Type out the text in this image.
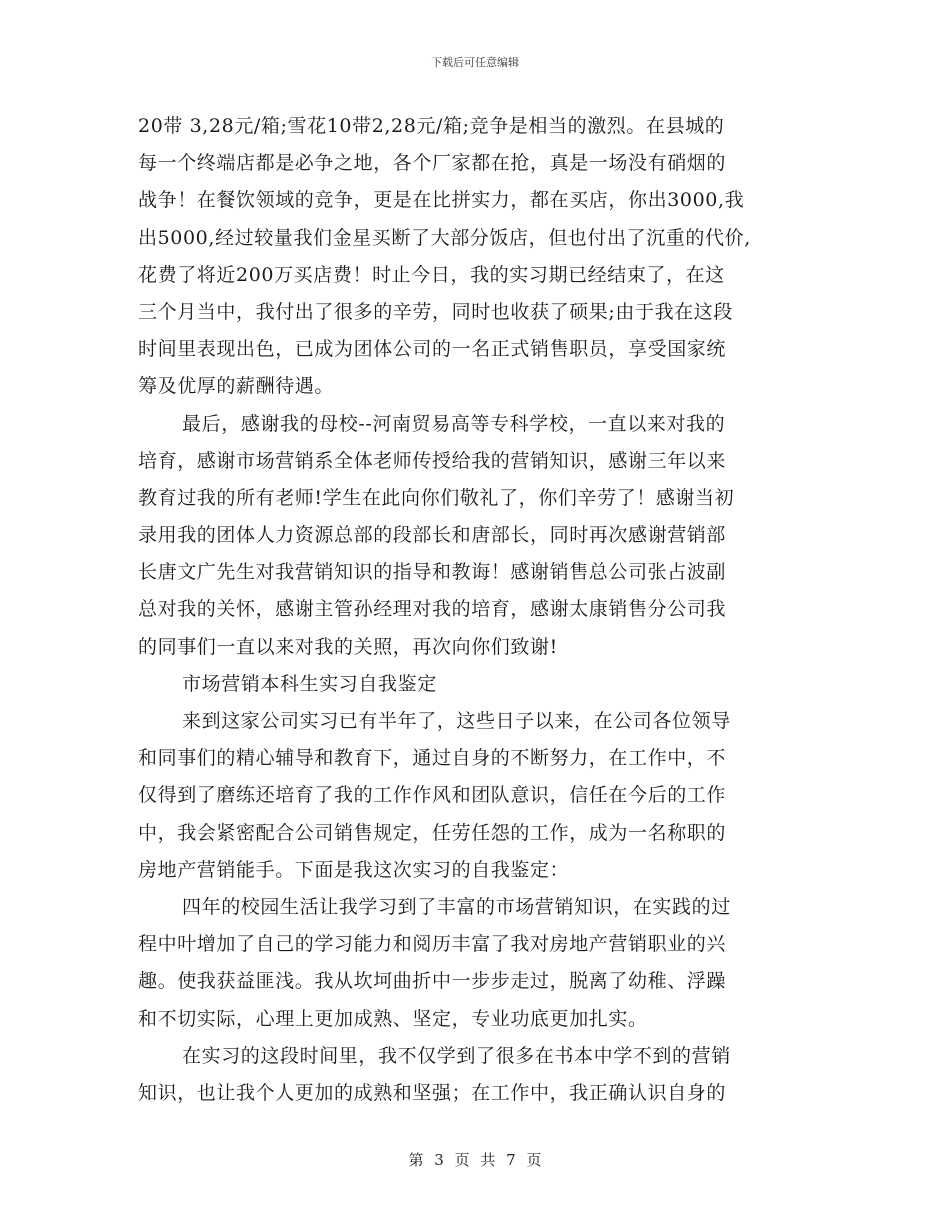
下载后可任意编辑
20带 3,28元/箱;雪花10带2,28元/箱;竞争是相当的激烈。在县城的
每一个终端店都是必争之地，各个厂家都在抢，真是一场没有硝烟的
战争！在餐饮领域的竞争，更是在比拼实力，都在买店，你出3000,我
出5000,经过较量我们金星买断了大部分饭店，但也付出了沉重的代价,
花费了将近200万买店费！时止今日，我的实习期已经结束了，在这
三个月当中，我付出了很多的辛劳，同时也收获了硕果;由于我在这段
时间里表现出色，已成为团体公司的一名正式销售职员，享受国家统
筹及优厚的薪酬待遇。
最后，感谢我的母校--河南贸易高等专科学校，一直以来对我的
培育，感谢市场营销系全体老师传授给我的营销知识，感谢三年以来
教育过我的所有老师!学生在此向你们敬礼了，你们辛劳了！感谢当初
录用我的团体人力资源总部的段部长和唐部长，同时再次感谢营销部
长唐文广先生对我营销知识的指导和教诲！感谢销售总公司张占波副
总对我的关怀，感谢主管孙经理对我的培育，感谢太康销售分公司我
的同事们一直以来对我的关照，再次向你们致谢!
市场营销本科生实习自我鉴定
来到这家公司实习已有半年了，这些日子以来，在公司各位领导
和同事们的精心辅导和教育下，通过自身的不断努力，在工作中，不
仅得到了磨练还培育了我的工作作风和团队意识，信任在今后的工作
中，我会紧密配合公司销售规定，任劳任怨的工作，成为一名称职的
房地产营销能手。下面是我这次实习的自我鉴定：
四年的校园生活让我学习到了丰富的市场营销知识，在实践的过
程中叶增加了自己的学习能力和阅历丰富了我对房地产营销职业的兴
趣。使我获益匪浅。我从坎坷曲折中一步步走过，脱离了幼稚、浮躁
和不切实际，心理上更加成熟、坚定，专业功底更加扎实。
在实习的这段时间里，我不仅学到了很多在书本中学不到的营销
知识，也让我个人更加的成熟和坚强；在工作中，我正确认识自身的
第 3 页 共 7 页
